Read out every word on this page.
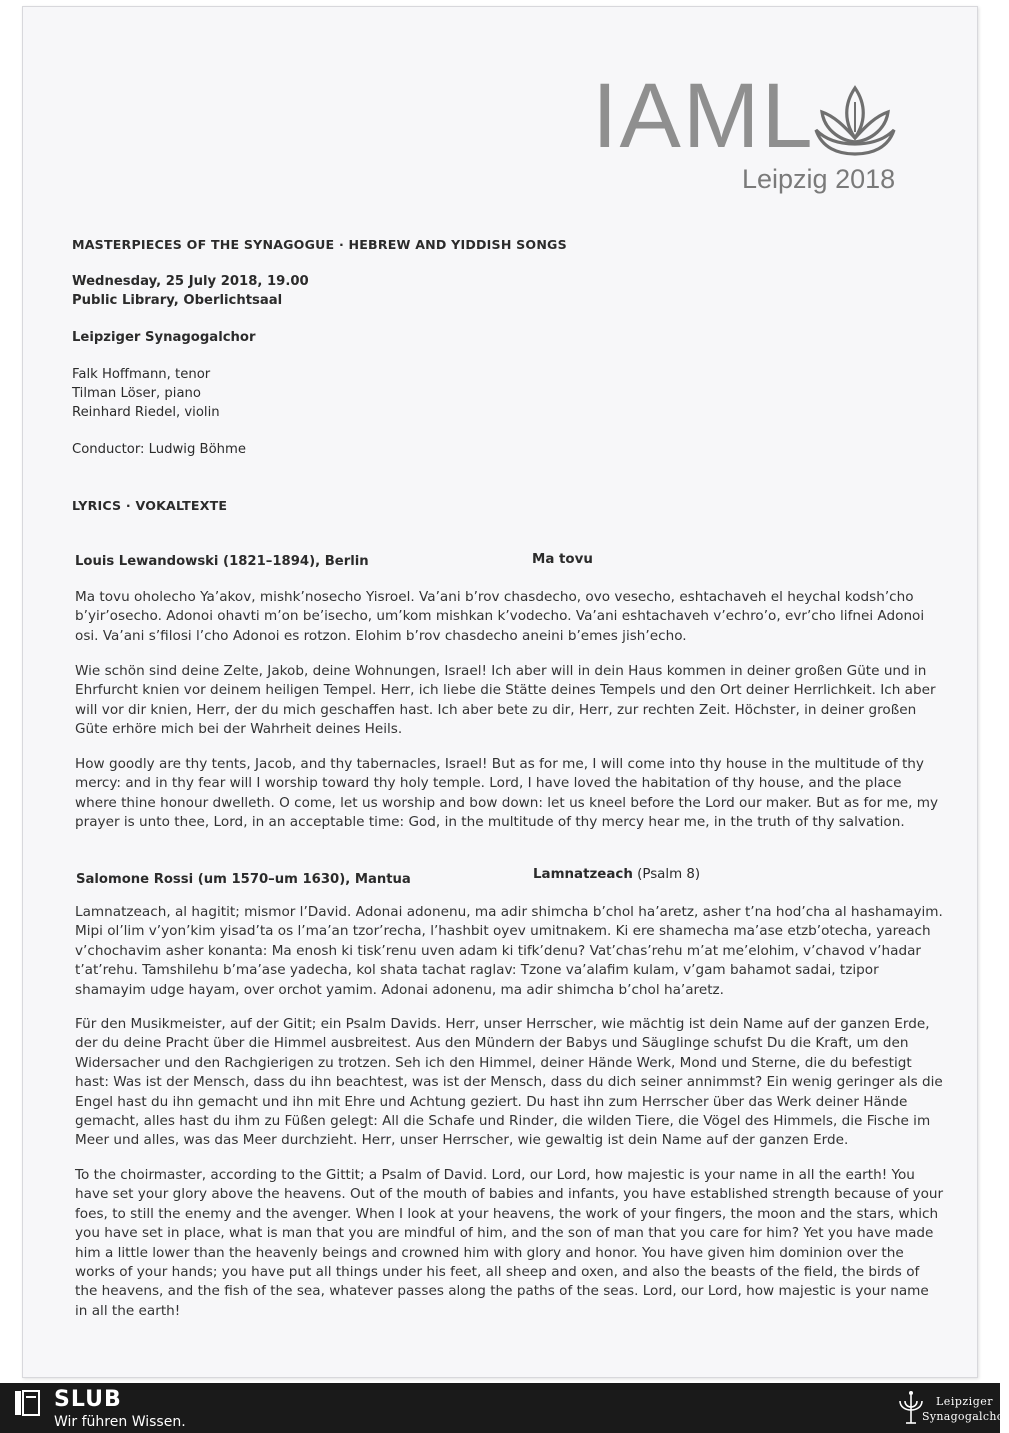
IAML
Leipzig 2018
MASTERPIECES OF THE SYNAGOGUE · HEBREW AND YIDDISH SONGS
Wednesday, 25 July 2018, 19.00
Public Library, Oberlichtsaal
Leipziger Synagogalchor
Falk Hoffmann, tenor
Tilman Löser, piano
Reinhard Riedel, violin
Conductor: Ludwig Böhme
LYRICS · VOKALTEXTE
Louis Lewandowski (1821–1894), Berlin	Ma tovu

Ma tovu oholecho Ya’akov, mishk’nosecho Yisroel. Va’ani b’rov chasdecho, ovo vesecho, eshtachaveh el heychal kodsh’cho b’yir’osecho. Adonoi ohavti m’on be’isecho, um’kom mishkan k’vodecho. Va’ani eshtachaveh v’echro’o, evr’cho lifnei Adonoi osi. Va’ani s’filosi l’cho Adonoi es rotzon. Elohim b’rov chasdecho aneini b’emes jish’echo.

Wie schön sind deine Zelte, Jakob, deine Wohnungen, Israel! Ich aber will in dein Haus kommen in deiner großen Güte und in Ehrfurcht knien vor deinem heiligen Tempel. Herr, ich liebe die Stätte deines Tempels und den Ort deiner Herrlichkeit. Ich aber will vor dir knien, Herr, der du mich geschaffen hast. Ich aber bete zu dir, Herr, zur rechten Zeit. Höchster, in deiner großen Güte erhöre mich bei der Wahrheit deines Heils.

How goodly are thy tents, Jacob, and thy tabernacles, Israel! But as for me, I will come into thy house in the multitude of thy mercy: and in thy fear will I worship toward thy holy temple. Lord, I have loved the habitation of thy house, and the place where thine honour dwelleth. O come, let us worship and bow down: let us kneel before the Lord our maker. But as for me, my prayer is unto thee, Lord, in an acceptable time: God, in the multitude of thy mercy hear me, in the truth of thy salvation.

Salomone Rossi (um 1570–um 1630), Mantua	Lamnatzeach (Psalm 8)

Lamnatzeach, al hagitit; mismor l’David. Adonai adonenu, ma adir shimcha b’chol ha’aretz, asher t’na hod’cha al hashamayim. Mipi ol’lim v’yon’kim yisad’ta os l’ma’an tzor’recha, l’hashbit oyev umitnakem. Ki ere shamecha ma’ase etzb’otecha, yareach v’chochavim asher konanta: Ma enosh ki tisk’renu uven adam ki tifk’denu? Vat’chas’rehu m’at me’elohim, v’chavod v’hadar t’at’rehu. Tamshilehu b’ma’ase yadecha, kol shata tachat raglav: Tzone va’alafim kulam, v’gam bahamot sadai, tzipor shamayim udge hayam, over orchot yamim. Adonai adonenu, ma adir shimcha b’chol ha’aretz.

Für den Musikmeister, auf der Gitit; ein Psalm Davids. Herr, unser Herrscher, wie mächtig ist dein Name auf der ganzen Erde, der du deine Pracht über die Himmel ausbreitest. Aus den Mündern der Babys und Säuglinge schufst Du die Kraft, um den Widersacher und den Rachgierigen zu trotzen. Seh ich den Himmel, deiner Hände Werk, Mond und Sterne, die du befestigt hast: Was ist der Mensch, dass du ihn beachtest, was ist der Mensch, dass du dich seiner annimmst? Ein wenig geringer als die Engel hast du ihn gemacht und ihn mit Ehre und Achtung geziert. Du hast ihn zum Herrscher über das Werk deiner Hände gemacht, alles hast du ihm zu Füßen gelegt: All die Schafe und Rinder, die wilden Tiere, die Vögel des Himmels, die Fische im Meer und alles, was das Meer durchzieht. Herr, unser Herrscher, wie gewaltig ist dein Name auf der ganzen Erde.

To the choirmaster, according to the Gittit; a Psalm of David. Lord, our Lord, how majestic is your name in all the earth! You have set your glory above the heavens. Out of the mouth of babies and infants, you have established strength because of your foes, to still the enemy and the avenger. When I look at your heavens, the work of your fingers, the moon and the stars, which you have set in place, what is man that you are mindful of him, and the son of man that you care for him? Yet you have made him a little lower than the heavenly beings and crowned him with glory and honor. You have given him dominion over the works of your hands; you have put all things under his feet, all sheep and oxen, and also the beasts of the field, the birds of the heavens, and the fish of the sea, whatever passes along the paths of the seas. Lord, our Lord, how majestic is your name in all the earth!

SLUB
Wir führen Wissen.
Leipziger
Synagogalchor
